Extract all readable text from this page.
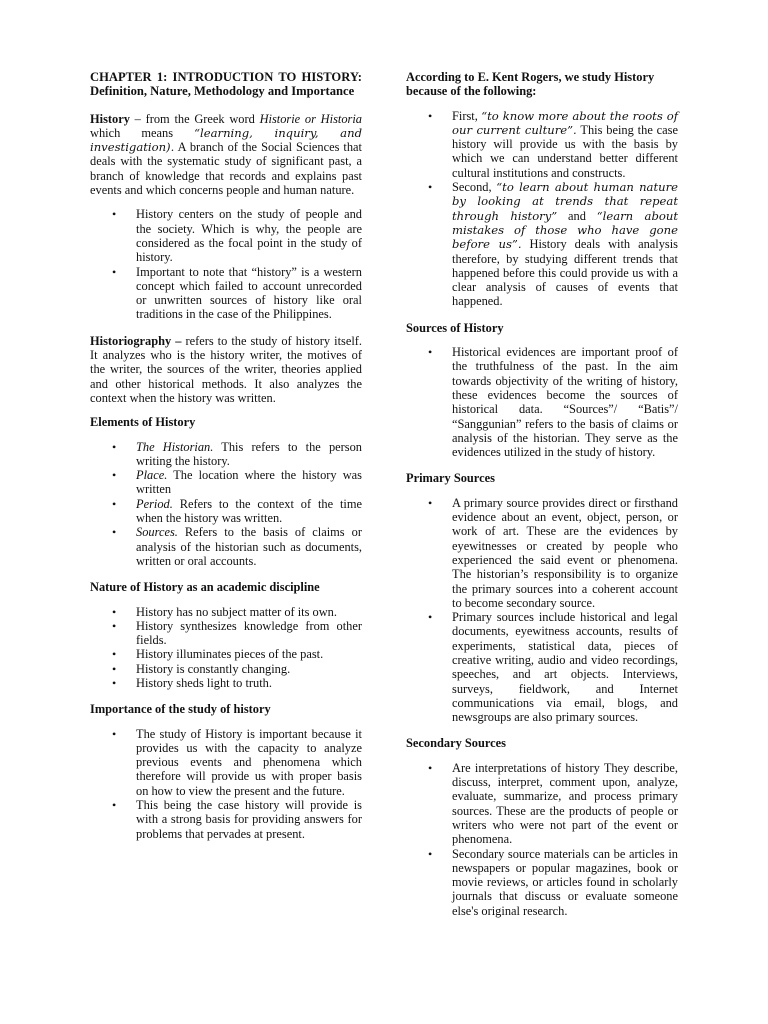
CHAPTER 1: INTRODUCTION TO HISTORY: Definition, Nature, Methodology and Importance

History – from the Greek word Historie or Historia which means “learning, inquiry, and investigation). A branch of the Social Sciences that deals with the systematic study of significant past, a branch of knowledge that records and explains past events and which concerns people and human nature.

• History centers on the study of people and the society. Which is why, the people are considered as the focal point in the study of history.
• Important to note that “history” is a western concept which failed to account unrecorded or unwritten sources of history like oral traditions in the case of the Philippines.

Historiography – refers to the study of history itself. It analyzes who is the history writer, the motives of the writer, the sources of the writer, theories applied and other historical methods. It also analyzes the context when the history was written.

Elements of History
• The Historian. This refers to the person writing the history.
• Place. The location where the history was written
• Period. Refers to the context of the time when the history was written.
• Sources. Refers to the basis of claims or analysis of the historian such as documents, written or oral accounts.
Nature of History as an academic discipline
• History has no subject matter of its own.
• History synthesizes knowledge from other fields.
• History illuminates pieces of the past.
• History is constantly changing.
• History sheds light to truth.
Importance of the study of history
• The study of History is important because it provides us with the capacity to analyze previous events and phenomena which therefore will provide us with proper basis on how to view the present and the future.
• This being the case history will provide is with a strong basis for providing answers for problems that pervades at present.
According to E. Kent Rogers, we study History because of the following:
• First, “to know more about the roots of our current culture”. This being the case history will provide us with the basis by which we can understand better different cultural institutions and constructs.
• Second, “to learn about human nature by looking at trends that repeat through history” and “learn about mistakes of those who have gone before us”. History deals with analysis therefore, by studying different trends that happened before this could provide us with a clear analysis of causes of events that happened.
Sources of History
• Historical evidences are important proof of the truthfulness of the past. In the aim towards objectivity of the writing of history, these evidences become the sources of historical data. “Sources”/ “Batis”/ “Sanggunian” refers to the basis of claims or analysis of the historian. They serve as the evidences utilized in the study of history.
Primary Sources
• A primary source provides direct or firsthand evidence about an event, object, person, or work of art. These are the evidences by eyewitnesses or created by people who experienced the said event or phenomena. The historian’s responsibility is to organize the primary sources into a coherent account to become secondary source.
• Primary sources include historical and legal documents, eyewitness accounts, results of experiments, statistical data, pieces of creative writing, audio and video recordings, speeches, and art objects. Interviews, surveys, fieldwork, and Internet communications via email, blogs, and newsgroups are also primary sources.
Secondary Sources
• Are interpretations of history They describe, discuss, interpret, comment upon, analyze, evaluate, summarize, and process primary sources. These are the products of people or writers who were not part of the event or phenomena.
• Secondary source materials can be articles in newspapers or popular magazines, book or movie reviews, or articles found in scholarly journals that discuss or evaluate someone else's original research.
